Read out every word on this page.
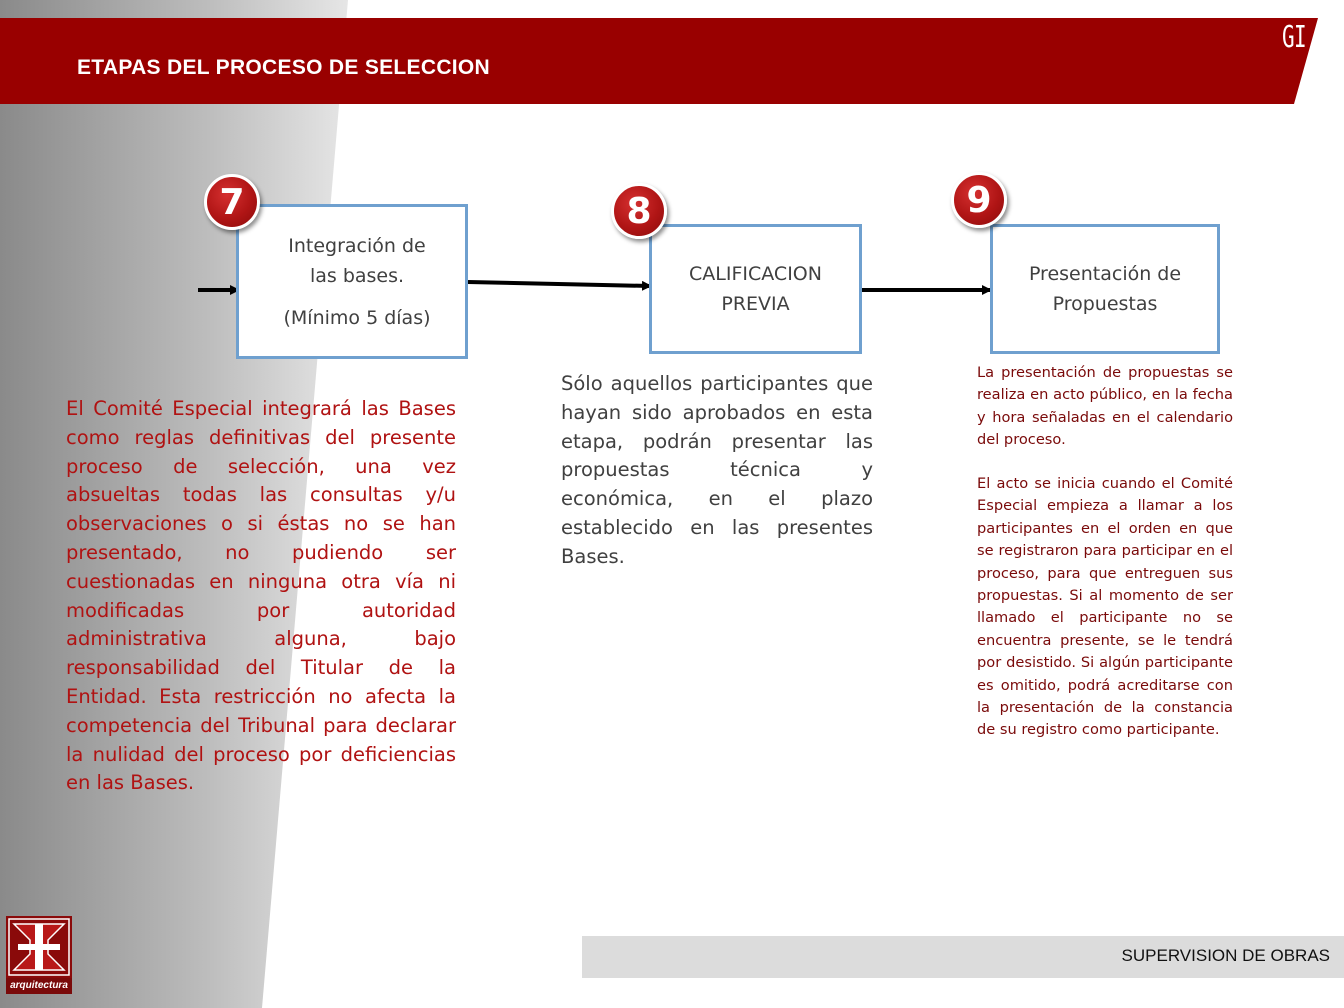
ETAPAS DEL PROCESO DE SELECCION
GI
Integración de
las bases.
(Mínimo 5 días)
7
CALIFICACION
PREVIA
8
Presentación de
Propuestas
9

El Comité Especial integrará las Bases como reglas definitivas del presente proceso de selección, una vez absueltas todas las consultas y/u observaciones o si éstas no se han presentado, no pudiendo ser cuestionadas en ninguna otra vía ni modificadas por autoridad administrativa alguna, bajo responsabilidad del Titular de la Entidad. Esta restricción no afecta la competencia del Tribunal para declarar la nulidad del proceso por deficiencias en las Bases.

Sólo aquellos participantes que hayan sido aprobados en esta etapa, podrán presentar las propuestas técnica y económica, en el plazo establecido en las presentes Bases.

La presentación de propuestas se realiza en acto público, en la fecha y hora señaladas en el calendario del proceso.

El acto se inicia cuando el Comité Especial empieza a llamar a los participantes en el orden en que se registraron para participar en el proceso, para que entreguen sus propuestas. Si al momento de ser llamado el participante no se encuentra presente, se le tendrá por desistido. Si algún participante es omitido, podrá acreditarse con la presentación de la constancia de su registro como participante.

SUPERVISION DE OBRAS
arquitectura
